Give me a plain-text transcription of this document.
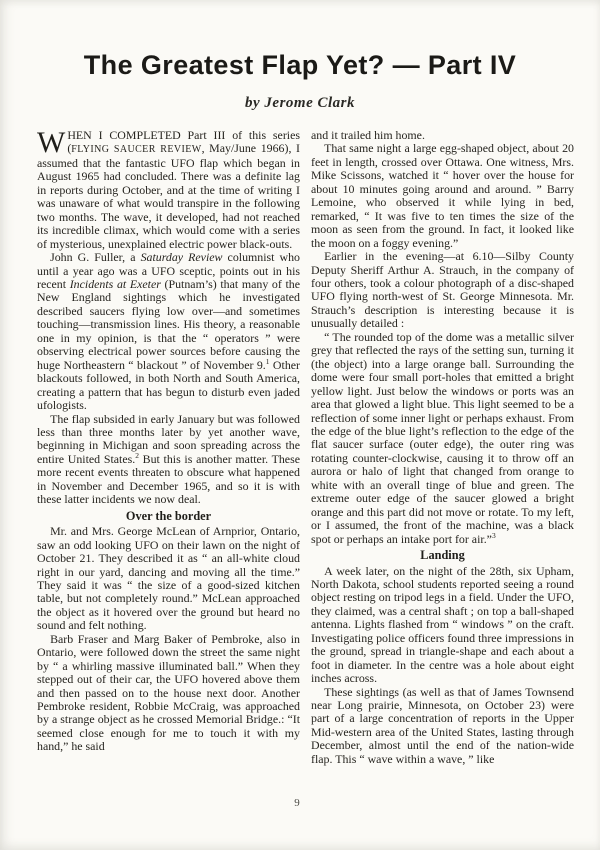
The Greatest Flap Yet? — Part IV
by Jerome Clark

WHEN I COMPLETED Part III of this series (FLYING SAUCER REVIEW, May/June 1966), I assumed that the fantastic UFO flap which began in August 1965 had concluded. There was a definite lag in reports during October, and at the time of writing I was unaware of what would transpire in the following two months. The wave, it developed, had not reached its incredible climax, which would come with a series of mysterious, unexplained electric power black-outs.

John G. Fuller, a Saturday Review columnist who until a year ago was a UFO sceptic, points out in his recent Incidents at Exeter (Putnam’s) that many of the New England sightings which he investigated described saucers flying low over—and sometimes touching—transmission lines. His theory, a reasonable one in my opinion, is that the “ operators ” were observing electrical power sources before causing the huge Northeastern “ blackout ” of November 9.$^1$ Other blackouts followed, in both North and South America, creating a pattern that has begun to disturb even jaded ufologists.

The flap subsided in early January but was followed less than three months later by yet another wave, beginning in Michigan and soon spreading across the entire United States.$^2$ But this is another matter. These more recent events threaten to obscure what happened in November and December 1965, and so it is with these latter incidents we now deal.

Over the border

Mr. and Mrs. George McLean of Arnprior, Ontario, saw an odd looking UFO on their lawn on the night of October 21. They described it as “ an all-white cloud right in our yard, dancing and moving all the time.” They said it was “ the size of a good-sized kitchen table, but not completely round.” McLean approached the object as it hovered over the ground but heard no sound and felt nothing.

Barb Fraser and Marg Baker of Pembroke, also in Ontario, were followed down the street the same night by “ a whirling massive illuminated ball.” When they stepped out of their car, the UFO hovered above them and then passed on to the house next door. Another Pembroke resident, Robbie McCraig, was approached by a strange object as he crossed Memorial Bridge.: “It seemed close enough for me to touch it with my hand,” he said

and it trailed him home.

That same night a large egg-shaped object, about 20 feet in length, crossed over Ottawa. One witness, Mrs. Mike Scissons, watched it “ hover over the house for about 10 minutes going around and around. ” Barry Lemoine, who observed it while lying in bed, remarked, “ It was five to ten times the size of the moon as seen from the ground. In fact, it looked like the moon on a foggy evening.”

Earlier in the evening—at 6.10—Silby County Deputy Sheriff Arthur A. Strauch, in the company of four others, took a colour photograph of a disc-shaped UFO flying north-west of St. George Minnesota. Mr. Strauch’s description is interesting because it is unusually detailed :

“ The rounded top of the dome was a metallic silver grey that reflected the rays of the setting sun, turning it (the object) into a large orange ball. Surrounding the dome were four small port-holes that emitted a bright yellow light. Just below the windows or ports was an area that glowed a light blue. This light seemed to be a reflection of some inner light or perhaps exhaust. From the edge of the blue light’s reflection to the edge of the flat saucer surface (outer edge), the outer ring was rotating counter-clockwise, causing it to throw off an aurora or halo of light that changed from orange to white with an overall tinge of blue and green. The extreme outer edge of the saucer glowed a bright orange and this part did not move or rotate. To my left, or I assumed, the front of the machine, was a black spot or perhaps an intake port for air.”$^3$

Landing

A week later, on the night of the 28th, six Upham, North Dakota, school students reported seeing a round object resting on tripod legs in a field. Under the UFO, they claimed, was a central shaft ; on top a ball-shaped antenna. Lights flashed from “ windows ” on the craft. Investigating police officers found three impressions in the ground, spread in triangle-shape and each about a foot in diameter. In the centre was a hole about eight inches across.

These sightings (as well as that of James Townsend near Long prairie, Minnesota, on October 23) were part of a large concentration of reports in the Upper Mid-western area of the United States, lasting through December, almost until the end of the nation-wide flap. This “ wave within a wave, ” like

9
